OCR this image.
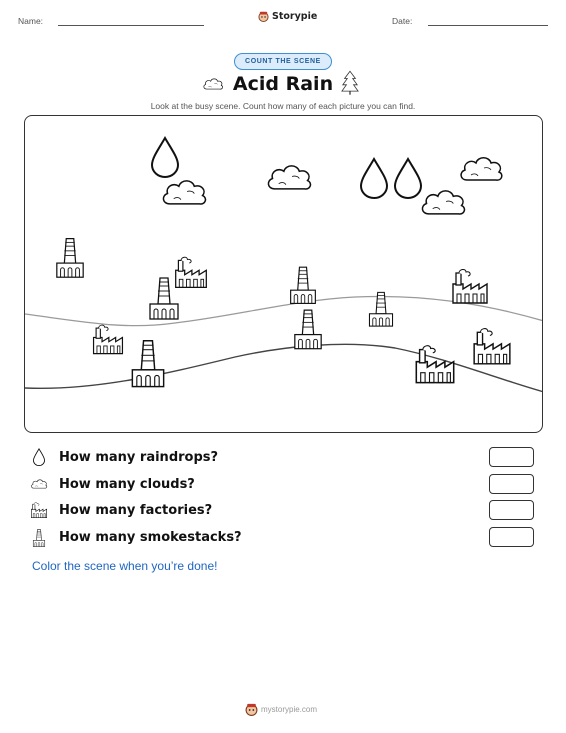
Name:	Storypie	Date:
COUNT THE SCENE
Acid Rain
Look at the busy scene. Count how many of each picture you can find.
How many raindrops?
How many clouds?
How many factories?
How many smokestacks?
Color the scene when you’re done!
mystorypie.com
